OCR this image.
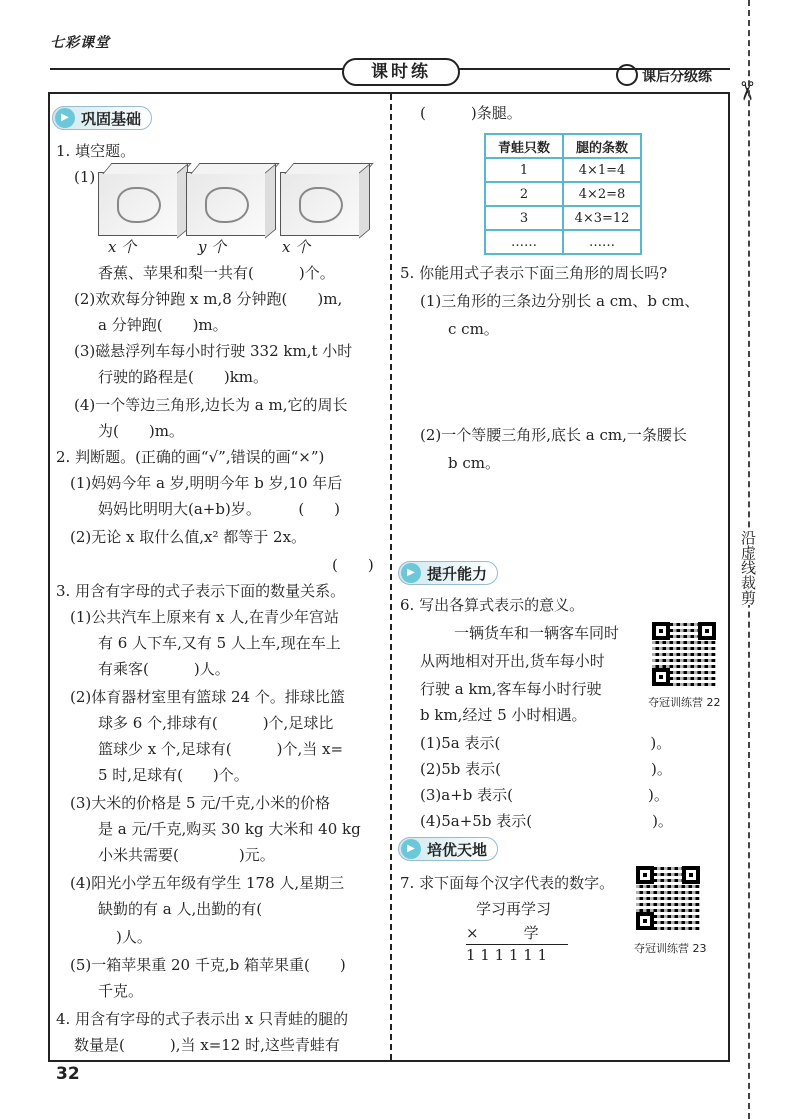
七彩课堂
课时练	课后分级练
✂
沿虚线裁剪
▶ 巩固基础
1. 填空题。
(1)
x 个	y 个	x 个
香蕉、苹果和梨一共有(　　　)个。
(2)欢欢每分钟跑 x m,8 分钟跑(　　)m,
a 分钟跑(　　)m。
(3)磁悬浮列车每小时行驶 332 km,t 小时
行驶的路程是(　　)km。
(4)一个等边三角形,边长为 a m,它的周长
为(　　)m。
2. 判断题。(正确的画“√”,错误的画“×”)
(1)妈妈今年 a 岁,明明今年 b 岁,10 年后
妈妈比明明大(a+b)岁。　　　(　　)
(2)无论 x 取什么值,x² 都等于 2x。
(　　)
3. 用含有字母的式子表示下面的数量关系。
(1)公共汽车上原来有 x 人,在青少年宫站
有 6 人下车,又有 5 人上车,现在车上
有乘客(　　　)人。
(2)体育器材室里有篮球 24 个。排球比篮
球多 6 个,排球有(　　　)个,足球比
篮球少 x 个,足球有(　　　)个,当 x=
5 时,足球有(　　)个。
(3)大米的价格是 5 元/千克,小米的价格
是 a 元/千克,购买 30 kg 大米和 40 kg
小米共需要(　　　　)元。
(4)阳光小学五年级有学生 178 人,星期三
缺勤的有 a 人,出勤的有(
)人。
(5)一箱苹果重 20 千克,b 箱苹果重(　　)
千克。
4. 用含有字母的式子表示出 x 只青蛙的腿的
数量是(　　　),当 x=12 时,这些青蛙有
(　　　)条腿。
青蛙只数	腿的条数
1	4×1=4
2	4×2=8
3	4×3=12
……	……
5. 你能用式子表示下面三角形的周长吗?
(1)三角形的三条边分别长 a cm、b cm、
c cm。
(2)一个等腰三角形,底长 a cm,一条腰长
b cm。
▶ 提升能力
6. 写出各算式表示的意义。
一辆货车和一辆客车同时
从两地相对开出,货车每小时
行驶 a km,客车每小时行驶
b km,经过 5 小时相遇。
夺冠训练营 22
(1)5a 表示(　　　　　　　　　　)。
(2)5b 表示(　　　　　　　　　　)。
(3)a+b 表示(　　　　　　　　　)。
(4)5a+5b 表示(　　　　　　　　)。
▶ 培优天地
7. 求下面每个汉字代表的数字。
学习再学习
×　　　学
1 1 1 1 1 1	夺冠训练营 23
32
